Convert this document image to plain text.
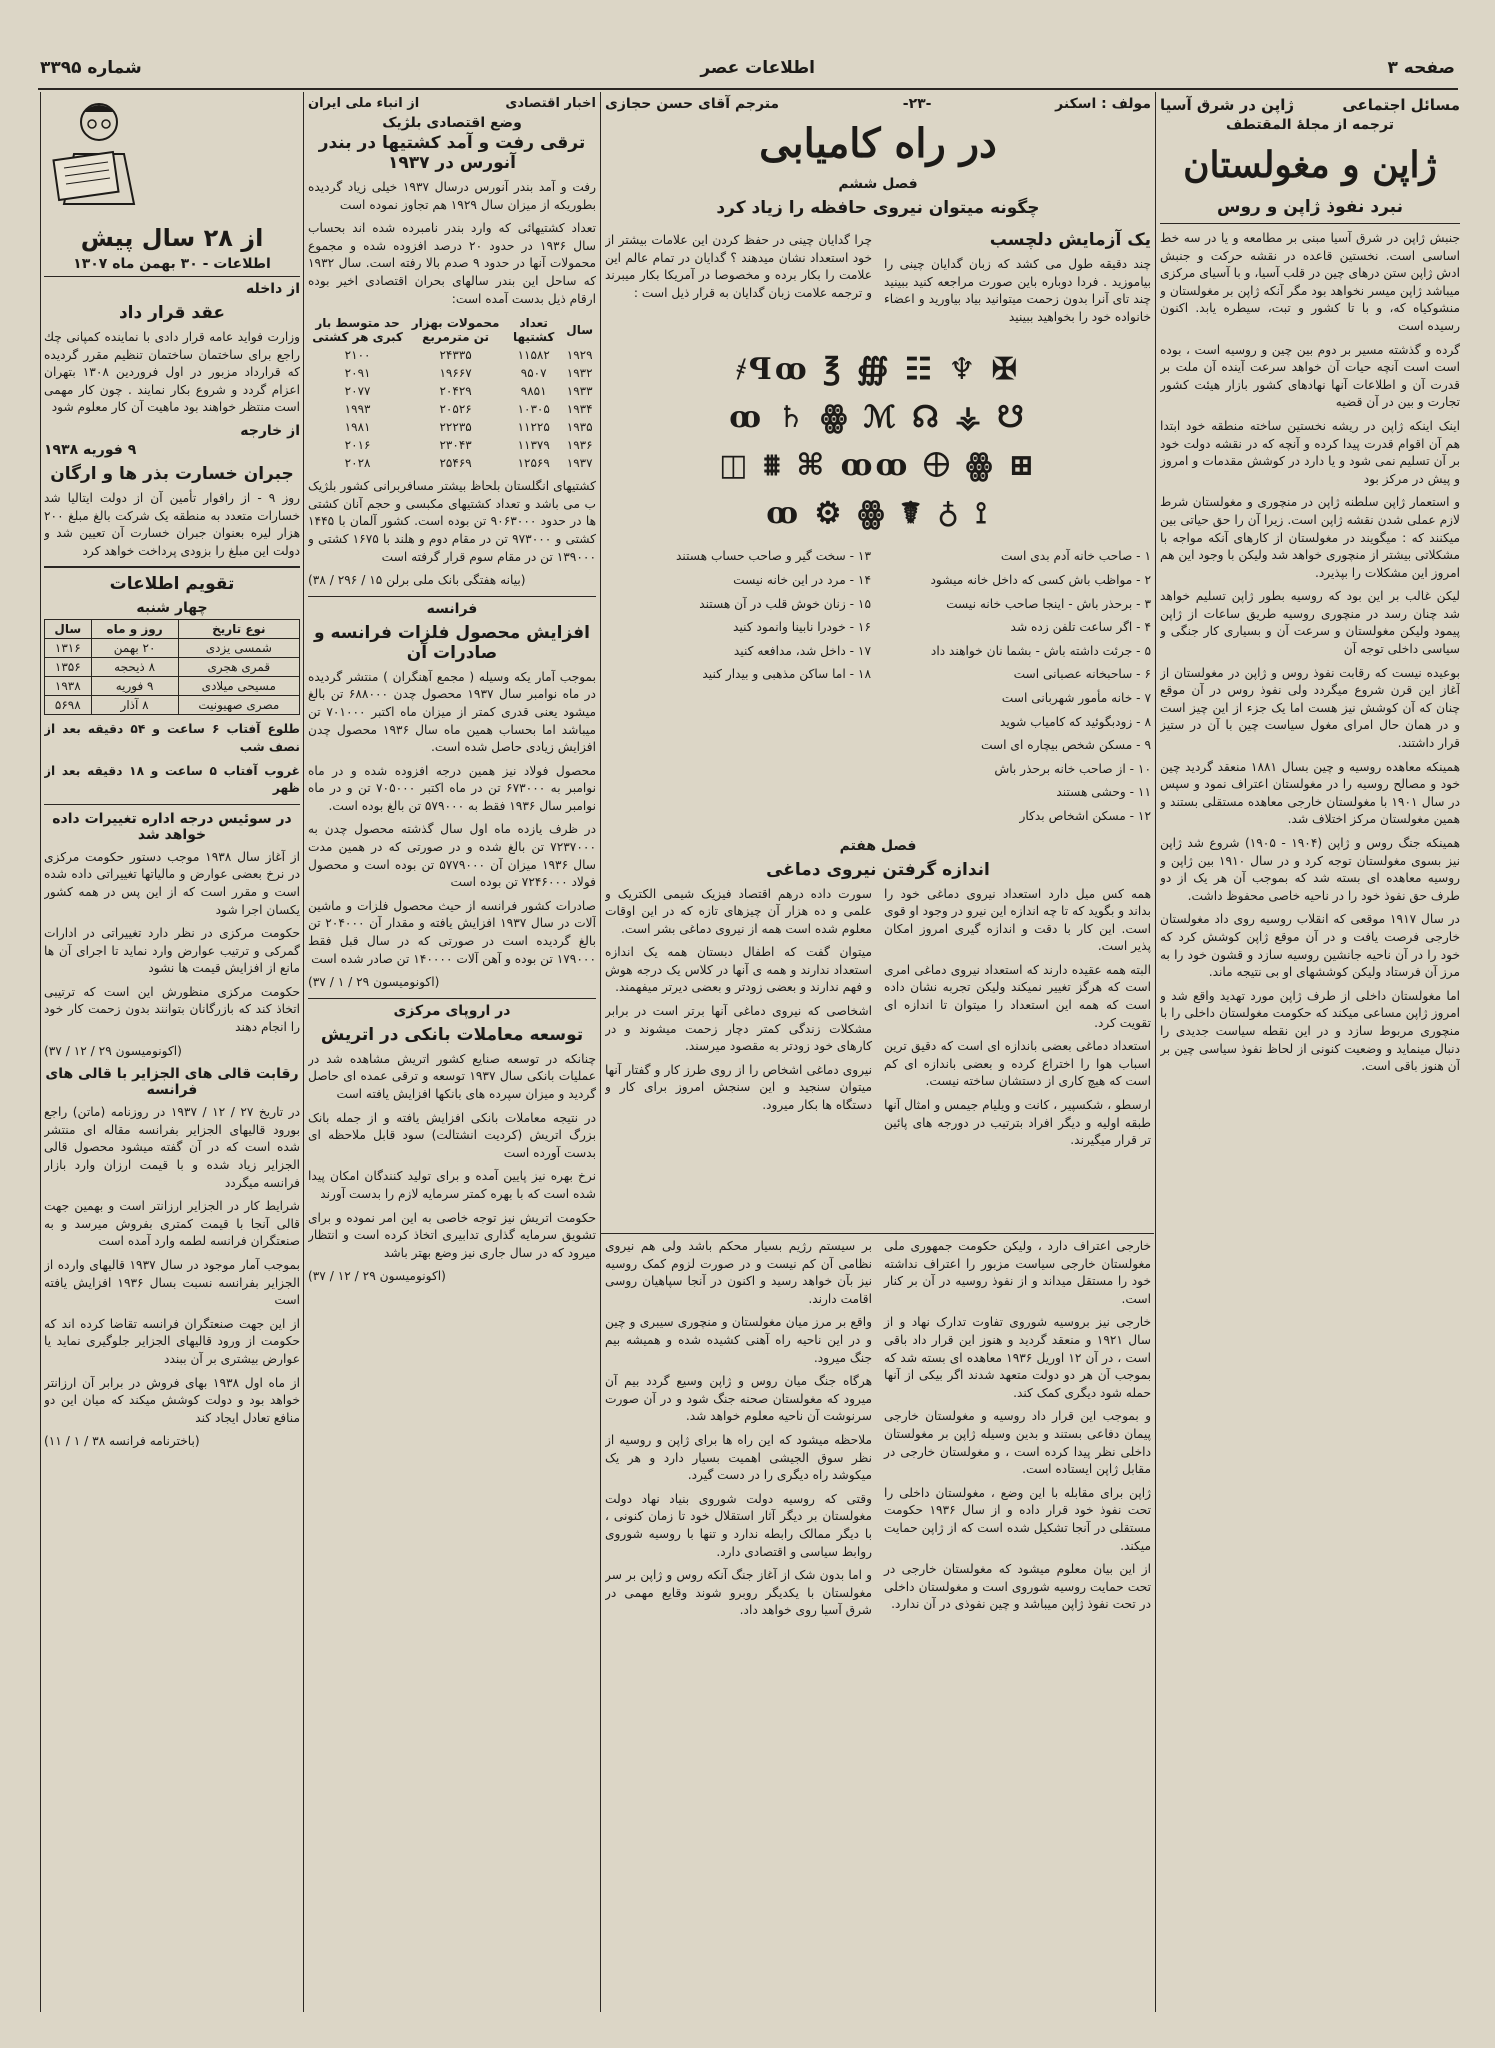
صفحه ۳
اطلاعات عصر
شماره ۳۳۹۵
مسائل اجتماعی
ژاپن در شرق آسیا
ترجمه از مجلهٔ المقتطف
ژاپن و مغولستان
نبرد نفوذ ژاپن و روس

جنبش ژاپن در شرق آسیا مبنی بر مطامعه و یا در سه خط اساسی است. نخستین قاعده در نقشه حرکت و جنبش ادش ژاپن ستن درهای چین در قلب آسیا، و با آسیای مرکزی میباشد ژاپن میسر نخواهد بود مگر آنکه ژاپن بر مغولستان و منشوکیاه که، و با تا کشور و تبت، سیطره یابد. اکنون رسیده است

گرده و گذشته مسیر بر دوم بین چین و روسیه است ، بوده است است آنچه حیات آن خواهد سرعت آینده آن ملت بر قدرت آن و اطلاعات آنها نهادهای کشور بازار هیئت کشور تجارت و بین در آن قضیه

اینک اینکه ژاپن در ریشه نخستین ساخته منطقه خود ابتدا هم آن اقوام قدرت پیدا کرده و آنچه که در نقشه دولت خود بر آن تسلیم نمی شود و یا دارد در کوشش مقدمات و امروز و پیش در مرکز بود

و استعمار ژاپن سلطنه ژاپن در منچوری و مغولستان شرط لازم عملی شدن نقشه ژاپن است. زیرا آن را حق حیاتی بین میکنند که : میگویند در مغولستان از کارهای آنکه مواجه با مشکلاتی بیشتر از منچوری خواهد شد ولیکن با وجود این هم امروز این مشکلات را بپذیرد.

لیکن غالب بر این بود که روسیه بطور ژاپن تسلیم خواهد شد چنان رسد در منچوری روسیه طریق ساعات از ژاپن پیمود ولیکن مغولستان و سرعت آن و بسیاری کار جنگی و سیاسی داخلی توجه آن

بوعیده نیست که رقابت نفوذ روس و ژاپن در مغولستان از آغاز این قرن شروع میگردد ولی نفوذ روس در آن موقع چنان که آن کوشش نیز هست اما یک جزء از این چیز است و در همان حال امرای مغول سیاست چین با آن در ستیز قرار داشتند.

همینکه معاهده روسیه و چین بسال ۱۸۸۱ منعقد گردید چین خود و مصالح روسیه را در مغولستان اعتراف نمود و سپس در سال ۱۹۰۱ با مغولستان خارجی معاهده مستقلی بستند و همین مغولستان مرکز اختلاف شد.

همینکه جنگ روس و ژاپن (۱۹۰۴ - ۱۹۰۵) شروع شد ژاپن نیز بسوی مغولستان توجه کرد و در سال ۱۹۱۰ بین ژاپن و روسیه معاهده ای بسته شد که بموجب آن هر یک از دو طرف حق نفوذ خود را در ناحیه خاصی محفوظ داشت.

در سال ۱۹۱۷ موقعی که انقلاب روسیه روی داد مغولستان خارجی فرصت یافت و در آن موقع ژاپن کوشش کرد که خود را در آن ناحیه جانشین روسیه سازد و قشون خود را به مرز آن فرستاد ولیکن کوششهای او بی نتیجه ماند.

اما مغولستان داخلی از طرف ژاپن مورد تهدید واقع شد و امروز ژاپن مساعی میکند که حکومت مغولستان داخلی را با منچوری مربوط سازد و در این نقطه سیاست جدیدی را دنبال مینماید و وضعیت کنونی از لحاظ نفوذ سیاسی چین بر آن هنوز باقی است.

مولف : اسکنر
-۲۳-
مترجم آقای حسن حجازی
در راه کامیابی
فصل ششم
چگونه میتوان نیروی حافظه را زیاد کرد
یک آزمایش دلچسب

چند دقیقه طول می کشد که زبان گدایان چینی را بیاموزید . فردا دوباره باین صورت مراجعه کنید ببینید چند تای آنرا بدون زحمت میتوانید بیاد بیاورید و اعضاء خانواده خود را بخواهید ببینید

چرا گدایان چینی در حفظ کردن این علامات بیشتر از خود استعداد نشان میدهند ؟ گدایان در تمام عالم این علامت را بکار برده و مخصوصا در آمریکا بکار میبرند و ترجمه علامت زبان گدایان به قرار ذیل است :

҂ꟼꝏ ℥ ∰ ☷ ♆ ✠
ꝏ ♄ ꙮ ℳ ☊ ⚶ ☋
◫ ⩩ ⌘ ꝏꝏ ⨁ ꙮ ⊞
ꝏ ⚙ ꙮ ☤ ♁ ⟟

۱ - صاحب خانه آدم بدی است

۲ - مواظب باش کسی که داخل خانه میشود

۳ - برحذر باش - اینجا صاحب خانه نیست

۴ - اگر ساعت تلفن زده شد

۵ - جرئت داشته باش - بشما نان خواهند داد

۶ - ساحبخانه عصبانی است

۷ - خانه مأمور شهربانی است

۸ - زودبگوئید که کامیاب شوید

۹ - مسکن شخص بیچاره ای است

۱۰ - از صاحب خانه برحذر باش

۱۱ - وحشی هستند

۱۲ - مسکن اشخاص بدکار

۱۳ - سخت گیر و صاحب حساب هستند

۱۴ - مرد در این خانه نیست

۱۵ - زنان خوش قلب در آن هستند

۱۶ - خودرا نابینا وانمود کنید

۱۷ - داخل شد، مدافعه کنید

۱۸ - اما ساکن مذهبی و بیدار کنید

فصل هفتم
اندازه گرفتن نیروی دماغی

همه کس میل دارد استعداد نیروی دماغی خود را بداند و بگوید که تا چه اندازه این نیرو در وجود او قوی است. این کار با دقت و اندازه گیری امروز امکان پذیر است.

البته همه عقیده دارند که استعداد نیروی دماغی امری است که هرگز تغییر نمیکند ولیکن تجربه نشان داده است که همه این استعداد را میتوان تا اندازه ای تقویت کرد.

استعداد دماغی بعضی باندازه ای است که دقیق ترین اسباب هوا را اختراع کرده و بعضی باندازه ای کم است که هیچ کاری از دستشان ساخته نیست.

ارسطو ، شکسپیر ، کانت و ویلیام جیمس و امثال آنها طبقه اولیه و دیگر افراد بترتیب در دورجه های پائین تر قرار میگیرند.

سورت داده درهم اقتصاد فیزیک شیمی الکتریک و علمی و ده هزار آن چیزهای تازه که در این اوقات معلوم شده است همه از نیروی دماغی بشر است.

میتوان گفت که اطفال دبستان همه یک اندازه استعداد ندارند و همه ی آنها در کلاس یک درجه هوش و فهم ندارند و بعضی زودتر و بعضی دیرتر میفهمند.

اشخاصی که نیروی دماغی آنها برتر است در برابر مشکلات زندگی کمتر دچار زحمت میشوند و در کارهای خود زودتر به مقصود میرسند.

نیروی دماغی اشخاص را از روی طرز کار و گفتار آنها میتوان سنجید و این سنجش امروز برای کار و دستگاه ها بکار میرود.

خارجی اعتراف دارد ، ولیکن حکومت جمهوری ملی مغولستان خارجی سیاست مزبور را اعتراف نداشته خود را مستقل میداند و از نفوذ روسیه در آن بر کنار است.

خارجی نیز بروسیه شوروی تفاوت تدارک نهاد و از سال ۱۹۲۱ و منعقد گردید و هنوز این قرار داد باقی است ، در آن ۱۲ اوریل ۱۹۳۶ معاهده ای بسته شد که بموجب آن هر دو دولت متعهد شدند اگر بیکی از آنها حمله شود دیگری کمک کند.

و بموجب این قرار داد روسیه و مغولستان خارجی پیمان دفاعی بستند و بدین وسیله ژاپن بر مغولستان داخلی نظر پیدا کرده است ، و مغولستان خارجی در مقابل ژاپن ایستاده است.

ژاپن برای مقابله با این وضع ، مغولستان داخلی را تحت نفوذ خود قرار داده و از سال ۱۹۳۶ حکومت مستقلی در آنجا تشکیل شده است که از ژاپن حمایت میکند.

از این بیان معلوم میشود که مغولستان خارجی در تحت حمایت روسیه شوروی است و مغولستان داخلی در تحت نفوذ ژاپن میباشد و چین نفوذی در آن ندارد.

بر سیستم رژیم بسیار محکم باشد ولی هم نیروی نظامی آن کم نیست و در صورت لزوم کمک روسیه نیز بآن خواهد رسید و اکنون در آنجا سپاهیان روسی اقامت دارند.

واقع بر مرز میان مغولستان و منچوری سیبری و چین و در این ناحیه راه آهنی کشیده شده و همیشه بیم جنگ میرود.

هرگاه جنگ میان روس و ژاپن وسیع گردد بیم آن میرود که مغولستان صحنه جنگ شود و در آن صورت سرنوشت آن ناحیه معلوم خواهد شد.

ملاحظه میشود که این راه ها برای ژاپن و روسیه از نظر سوق الجیشی اهمیت بسیار دارد و هر یک میکوشد راه دیگری را در دست گیرد.

وقتی که روسیه دولت شوروی بنیاد نهاد دولت مغولستان بر دیگر آثار استقلال خود تا زمان کنونی ، با دیگر ممالک رابطه ندارد و تنها با روسیه شوروی روابط سیاسی و اقتصادی دارد.

و اما بدون شک از آغاز جنگ آنکه روس و ژاپن بر سر مغولستان با یکدیگر روبرو شوند وقایع مهمی در شرق آسیا روی خواهد داد.

اخبار اقتصادی
از انباء ملی ایران
وضع اقتصادی بلژیک
ترقی رفت و آمد کشتیها در بندر آنورس در ۱۹۳۷

رفت و آمد بندر آنورس درسال ۱۹۳۷ خیلی زیاد گردیده بطوریکه از میزان سال ۱۹۲۹ هم تجاوز نموده است

تعداد کشتیهائی که وارد بندر نامبرده شده اند بحساب سال ۱۹۳۶ در حدود ۲۰ درصد افزوده شده و مجموع محمولات آنها در حدود ۹ صدم بالا رفته است. سال ۱۹۳۲ که ساحل این بندر سالهای بحران اقتصادی اخیر بوده ارقام ذیل بدست آمده است:

سال	تعداد کشتیها	محمولات بهزار تن مترمربع	حد متوسط بار کبری هر کشتی
۱۹۲۹	۱۱۵۸۲	۲۴۳۳۵	۲۱۰۰
۱۹۳۲	۹۵۰۷	۱۹۶۶۷	۲۰۹۱
۱۹۳۳	۹۸۵۱	۲۰۴۲۹	۲۰۷۷
۱۹۳۴	۱۰۳۰۵	۲۰۵۲۶	۱۹۹۳
۱۹۳۵	۱۱۲۲۵	۲۲۲۳۵	۱۹۸۱
۱۹۳۶	۱۱۳۷۹	۲۳۰۴۳	۲۰۱۶
۱۹۳۷	۱۲۵۶۹	۲۵۴۶۹	۲۰۲۸

کشتیهای انگلستان بلحاظ بیشتر مسافربرانی کشور بلژیک ب می باشد و تعداد کشتیهای مکبسی و حجم آنان کشتی ها در حدود ۹۰۶۳۰۰۰ تن بوده است. کشور آلمان با ۱۴۴۵ کشتی و ۹۷۳۰۰۰ تن در مقام دوم و هلند با ۱۶۷۵ کشتی و ۱۳۹۰۰۰ تن در مقام سوم قرار گرفته است

(بیانه هفتگی بانک ملی برلن ۱۵ / ۲۹۶ / ۳۸)

فرانسه
افزایش محصول فلزات فرانسه و صادرات آن

بموجب آمار یکه وسیله ( مجمع آهنگران ) منتشر گردیده در ماه نوامبر سال ۱۹۳۷ محصول چدن ۶۸۸۰۰۰ تن بالغ میشود یعنی قدری کمتر از میزان ماه اکتبر ۷۰۱۰۰۰ تن میباشد اما بحساب همین ماه سال ۱۹۳۶ محصول چدن افزایش زیادی حاصل شده است.

محصول فولاد نیز همین درجه افزوده شده و در ماه نوامبر به ۶۷۳۰۰۰ تن در ماه اکتبر ۷۰۵۰۰۰ تن و در ماه نوامبر سال ۱۹۳۶ فقط به ۵۷۹۰۰۰ تن بالغ بوده است.

در ظرف یازده ماه اول سال گذشته محصول چدن به ۷۲۳۷۰۰۰ تن بالغ شده و در صورتی که در همین مدت سال ۱۹۳۶ میزان آن ۵۷۷۹۰۰۰ تن بوده است و محصول فولاد ۷۲۴۶۰۰۰ تن بوده است

صادرات کشور فرانسه از حیث محصول فلزات و ماشین آلات در سال ۱۹۳۷ افزایش یافته و مقدار آن ۲۰۴۰۰۰ تن بالغ گردیده است در صورتی که در سال قبل فقط ۱۷۹۰۰۰ تن بوده و آهن آلات ۱۴۰۰۰۰ تن صادر شده است

(اکونومیسون ۲۹ / ۱ / ۳۷)

در اروپای مرکزی
توسعه معاملات بانکی در اتریش

چنانکه در توسعه صنایع کشور اتریش مشاهده شد در عملیات بانکی سال ۱۹۳۷ توسعه و ترقی عمده ای حاصل گردید و میزان سپرده های بانکها افزایش یافته است

در نتیجه معاملات بانکی افزایش یافته و از جمله بانک بزرگ اتریش (کردیت انشتالت) سود قابل ملاحظه ای بدست آورده است

نرخ بهره نیز پایین آمده و برای تولید کنندگان امکان پیدا شده است که با بهره کمتر سرمایه لازم را بدست آورند

حکومت اتریش نیز توجه خاصی به این امر نموده و برای تشویق سرمایه گذاری تدابیری اتخاذ کرده است و انتظار میرود که در سال جاری نیز وضع بهتر باشد

(اکونومیسون ۲۹ / ۱۲ / ۳۷)

از ۲۸ سال پیش
اطلاعات - ۳۰ بهمن ماه ۱۳۰۷
از داخله
عقد قرار داد

وزارت فواید عامه قرار دادی با نماینده کمپانی چك راجع برای ساختمان ساختمان تنظیم مقرر گردیده که قرارداد مزبور در اول فروردین ۱۳۰۸ بتهران اعزام گردد و شروع بکار نمایند . چون کار مهمی است منتظر خواهند بود ماهیت آن کار معلوم شود

از خارجه
۹ فوریه ۱۹۳۸
جبران خسارت بذر ها و ارگان

روز ۹ - از رافوار تأمین آن از دولت ایتالیا شد خسارات متعدد به منطقه یک شرکت بالغ مبلغ ۲۰۰ هزار لیره بعنوان جبران خسارت آن تعیین شد و دولت این مبلغ را بزودی پرداخت خواهد کرد

تقویم اطلاعات
چهار شنبه
نوع تاریخ	روز و ماه	سال
شمسی یزدی	۲۰ بهمن	۱۳۱۶
قمری هجری	۸ ذیحجه	۱۳۵۶
مسیحی میلادی	۹ فوریه	۱۹۳۸
مصری صهیونیت	۸ آذار	۵۶۹۸

طلوع آفتاب ۶ ساعت و ۵۴ دقیقه بعد از نصف شب

غروب آفتاب ۵ ساعت و ۱۸ دقیقه بعد از ظهر

در سوئیس درجه اداره تغییرات داده خواهد شد

از آغاز سال ۱۹۳۸ موجب دستور حکومت مرکزی در نرخ بعضی عوارض و مالیاتها تغییراتی داده شده است و مقرر است که از این پس در همه کشور یکسان اجرا شود

حکومت مرکزی در نظر دارد تغییراتی در ادارات گمرکی و ترتیب عوارض وارد نماید تا اجرای آن ها مانع از افزایش قیمت ها نشود

حکومت مرکزی منظورش این است که ترتیبی اتخاذ کند که بازرگانان بتوانند بدون زحمت کار خود را انجام دهند

(اکونومیسون ۲۹ / ۱۲ / ۳۷)

رقابت قالی های الجزایر با قالی های فرانسه

در تاریخ ۲۷ / ۱۲ / ۱۹۳۷ در روزنامه (ماتن) راجع بورود قالیهای الجزایر بفرانسه مقاله ای منتشر شده است که در آن گفته میشود محصول قالی الجزایر زیاد شده و با قیمت ارزان وارد بازار فرانسه میگردد

شرایط کار در الجزایر ارزانتر است و بهمین جهت قالی آنجا با قیمت کمتری بفروش میرسد و به صنعتگران فرانسه لطمه وارد آمده است

بموجب آمار موجود در سال ۱۹۳۷ قالیهای وارده از الجزایر بفرانسه نسبت بسال ۱۹۳۶ افزایش یافته است

از این جهت صنعتگران فرانسه تقاضا کرده اند که حکومت از ورود قالیهای الجزایر جلوگیری نماید یا عوارض بیشتری بر آن ببندد

از ماه اول ۱۹۳۸ بهای فروش در برابر آن ارزانتر خواهد بود و دولت کوشش میکند که میان این دو منافع تعادل ایجاد کند

(باخترنامه فرانسه ۳۸ / ۱ / ۱۱)
